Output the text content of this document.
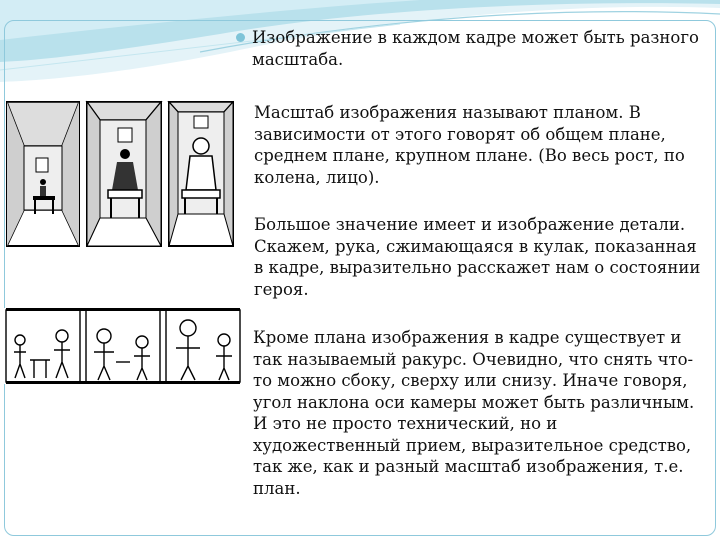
Изображение в каждом кадре может быть разного масштаба.

Масштаб изображения называют планом. В зависимости от этого говорят об общем плане, среднем плане, крупном плане. (Во весь рост, по колена, лицо).

Большое значение имеет и изображение детали. Скажем, рука, сжимающаяся в кулак, показанная в кадре, выразительно расскажет нам о состоянии героя.

Кроме плана изображения в кадре существует и так называемый ракурс. Очевидно, что снять что-то можно сбоку, сверху или снизу. Иначе говоря, угол наклона оси камеры может быть различным. И это не просто технический, но и художественный прием, выразительное средство, так же, как и разный масштаб изображения, т.е. план.
